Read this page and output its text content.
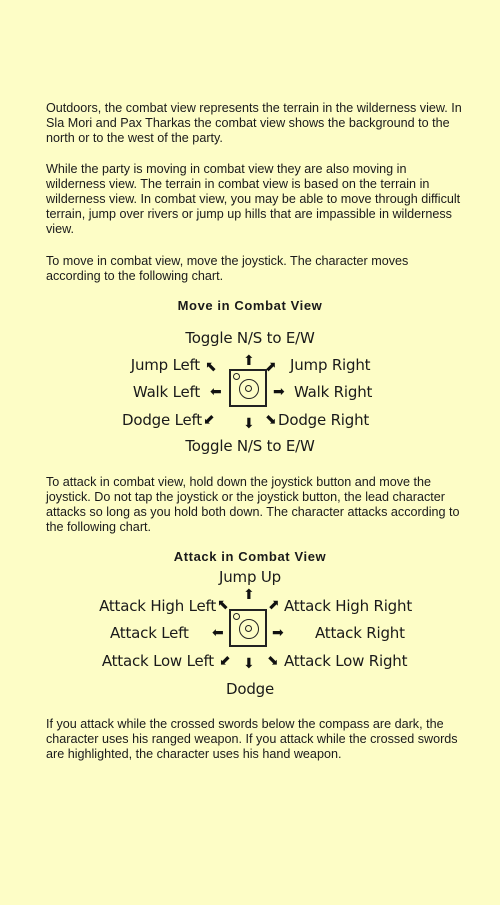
Outdoors, the combat view represents the terrain in the wilderness view. In Sla Mori and Pax Tharkas the combat view shows the background to the north or to the west of the party.

While the party is moving in combat view they are also moving in wilderness view. The terrain in combat view is based on the terrain in wilderness view. In combat view, you may be able to move through difficult terrain, jump over rivers or jump up hills that are impassible in wilderness view.

To move in combat view, move the joystick. The character moves according to the following chart.

Move in Combat View

Toggle N/S to E/W
Jump Left	Jump Right
Walk Left	Walk Right
Dodge Left	Dodge Right
Toggle N/S to E/W
⬆
⬉	⬈
⬅	➡
⬋ ⬇ ⬊

To attack in combat view, hold down the joystick button and move the joystick. Do not tap the joystick or the joystick button, the lead character attacks so long as you hold both down. The character attacks according to the following chart.

Attack in Combat View

Jump Up
Attack High Left	Attack High Right
Attack Left	Attack Right
Attack Low Left	Attack Low Right
Dodge
⬆
⬉	⬈
⬅	➡
⬋ ⬇ ⬊

If you attack while the crossed swords below the compass are dark, the character uses his ranged weapon. If you attack while the crossed swords are highlighted, the character uses his hand weapon.
